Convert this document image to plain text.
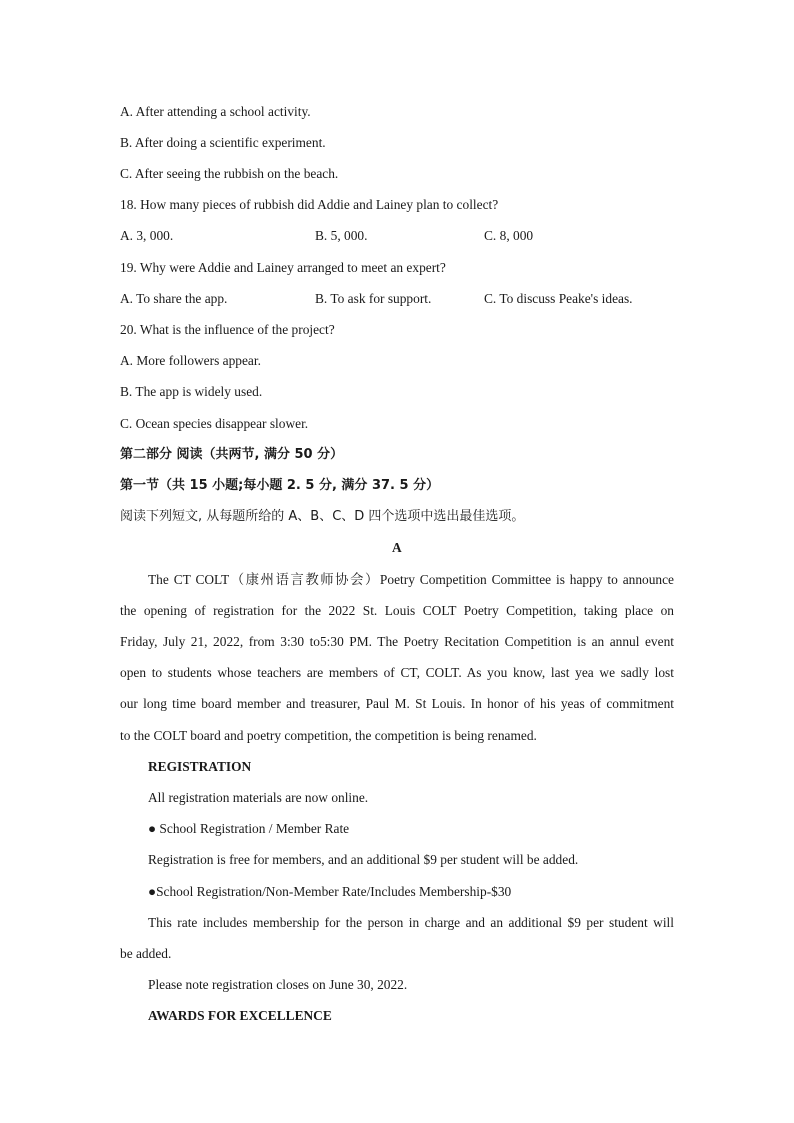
A. After attending a school activity.
B. After doing a scientific experiment.
C. After seeing the rubbish on the beach.
18. How many pieces of rubbish did Addie and Lainey plan to collect?
A. 3, 000.	B. 5, 000.	C. 8, 000
19. Why were Addie and Lainey arranged to meet an expert?
A. To share the app.	B. To ask for support.	C. To discuss Peake's ideas.
20. What is the influence of the project?
A. More followers appear.
B. The app is widely used.
C. Ocean species disappear slower.
第二部分 阅读（共两节, 满分 50 分）
第一节（共 15 小题;每小题 2. 5 分, 满分 37. 5 分）
阅读下列短文, 从每题所给的 A、B、C、D 四个选项中选出最佳选项。
A
The CT COLT（康州语言教师协会）Poetry Competition Committee is happy to announce
the opening of registration for the 2022 St. Louis COLT Poetry Competition, taking place on
Friday, July 21, 2022, from 3:30 to5:30 PM. The Poetry Recitation Competition is an annul event
open to students whose teachers are members of CT, COLT. As you know, last yea we sadly lost
our long time board member and treasurer, Paul M. St Louis. In honor of his yeas of commitment
to the COLT board and poetry competition, the competition is being renamed.
REGISTRATION
All registration materials are now online.
● School Registration / Member Rate
Registration is free for members, and an additional $9 per student will be added.
●School Registration/Non-Member Rate/Includes Membership-$30
This rate includes membership for the person in charge and an additional $9 per student will
be added.
Please note registration closes on June 30, 2022.
AWARDS FOR EXCELLENCE
